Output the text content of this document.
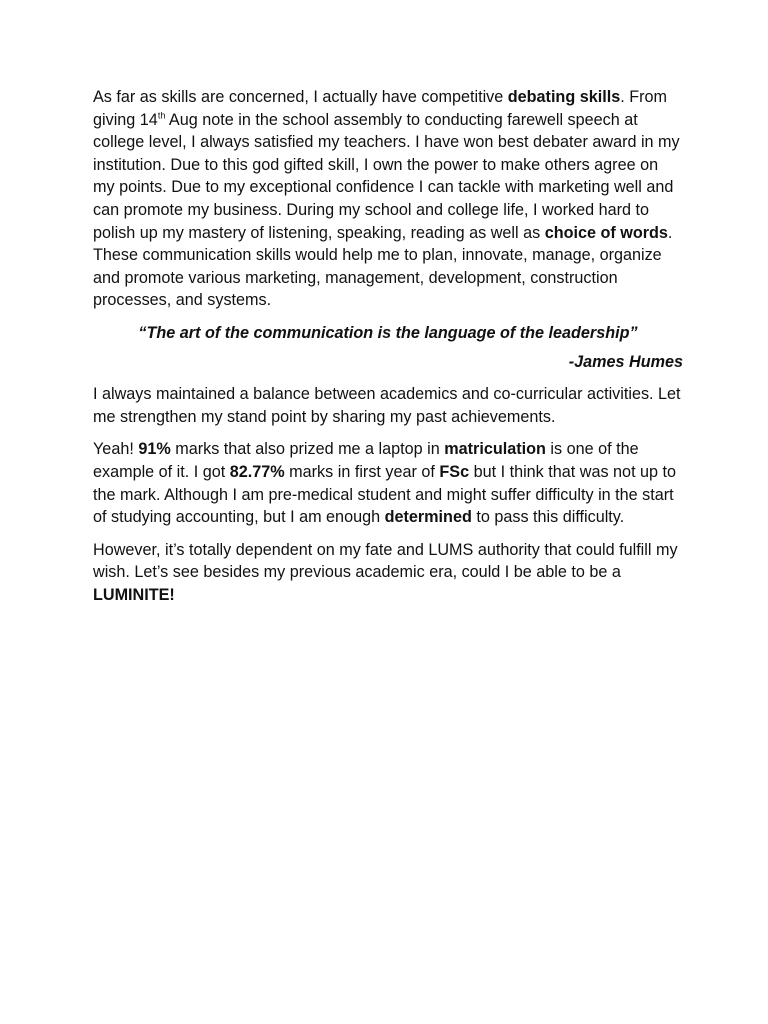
As far as skills are concerned, I actually have competitive debating skills. From giving 14th Aug note in the school assembly to conducting farewell speech at college level, I always satisfied my teachers. I have won best debater award in my institution. Due to this god gifted skill, I own the power to make others agree on my points. Due to my exceptional confidence I can tackle with marketing well and can promote my business. During my school and college life, I worked hard to polish up my mastery of listening, speaking, reading as well as choice of words. These communication skills would help me to plan, innovate, manage, organize and promote various marketing, management, development, construction processes, and systems.

“The art of the communication is the language of the leadership”

-James Humes

I always maintained a balance between academics and co-curricular activities. Let me strengthen my stand point by sharing my past achievements.

Yeah! 91% marks that also prized me a laptop in matriculation is one of the example of it. I got 82.77% marks in first year of FSc but I think that was not up to the mark. Although I am pre-medical student and might suffer difficulty in the start of studying accounting, but I am enough determined to pass this difficulty.

However, it’s totally dependent on my fate and LUMS authority that could fulfill my wish. Let’s see besides my previous academic era, could I be able to be a LUMINITE!
